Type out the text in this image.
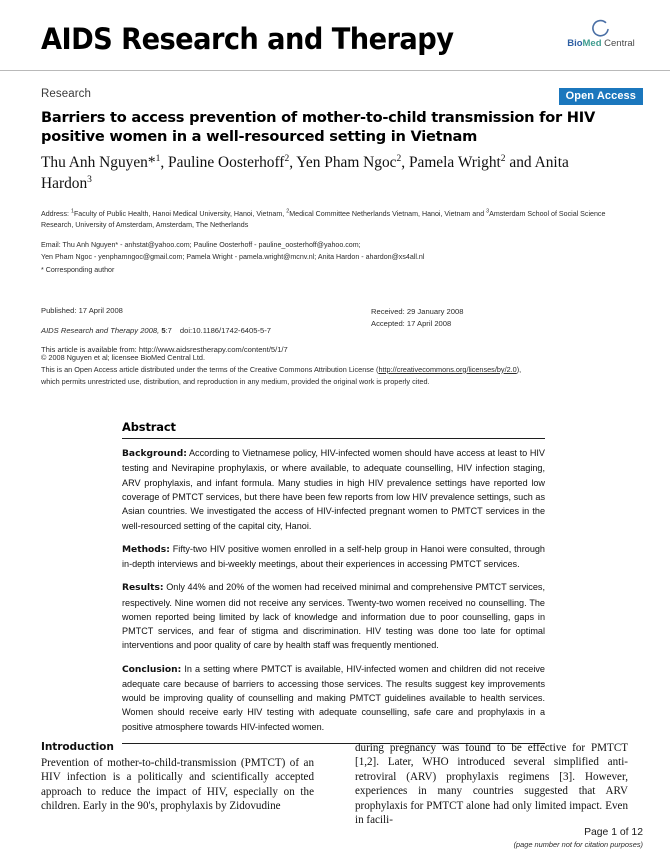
AIDS Research and Therapy	BioMed Central
Research	Open Access
Barriers to access prevention of mother-to-child transmission for HIV positive women in a well-resourced setting in Vietnam
Thu Anh Nguyen*$^1$, Pauline Oosterhoff$^2$, Yen Pham Ngoc$^2$, Pamela Wright$^2$ and Anita Hardon$^3$
Address: $^1$Faculty of Public Health, Hanoi Medical University, Hanoi, Vietnam, $^2$Medical Committee Netherlands Vietnam, Hanoi, Vietnam and $^3$Amsterdam School of Social Science Research, University of Amsterdam, Amsterdam, The Netherlands
Email: Thu Anh Nguyen* - anhstat@yahoo.com; Pauline Oosterhoff - pauline_oosterhoff@yahoo.com;
Yen Pham Ngoc - yenphamngoc@gmail.com; Pamela Wright - pamela.wright@mcnv.nl; Anita Hardon - ahardon@xs4all.nl
* Corresponding author
Published: 17 April 2008
AIDS Research and Therapy 2008, 5:7 doi:10.1186/1742-6405-5-7
This article is available from: http://www.aidsrestherapy.com/content/5/1/7
Received: 29 January 2008
Accepted: 17 April 2008
© 2008 Nguyen et al; licensee BioMed Central Ltd.
This is an Open Access article distributed under the terms of the Creative Commons Attribution License (http://creativecommons.org/licenses/by/2.0),
which permits unrestricted use, distribution, and reproduction in any medium, provided the original work is properly cited.
Abstract
Background: According to Vietnamese policy, HIV-infected women should have access at least to HIV testing and Nevirapine prophylaxis, or where available, to adequate counselling, HIV infection staging, ARV prophylaxis, and infant formula. Many studies in high HIV prevalence settings have reported low coverage of PMTCT services, but there have been few reports from low HIV prevalence settings, such as Asian countries. We investigated the access of HIV-infected pregnant women to PMTCT services in the well-resourced setting of the capital city, Hanoi.
Methods: Fifty-two HIV positive women enrolled in a self-help group in Hanoi were consulted, through in-depth interviews and bi-weekly meetings, about their experiences in accessing PMTCT services.
Results: Only 44% and 20% of the women had received minimal and comprehensive PMTCT services, respectively. Nine women did not receive any services. Twenty-two women received no counselling. The women reported being limited by lack of knowledge and information due to poor counselling, gaps in PMTCT services, and fear of stigma and discrimination. HIV testing was done too late for optimal interventions and poor quality of care by health staff was frequently mentioned.
Conclusion: In a setting where PMTCT is available, HIV-infected women and children did not receive adequate care because of barriers to accessing those services. The results suggest key improvements would be improving quality of counselling and making PMTCT guidelines available to health services. Women should receive early HIV testing with adequate counselling, safe care and prophylaxis in a positive atmosphere towards HIV-infected women.
Introduction
Prevention of mother-to-child-transmission (PMTCT) of an HIV infection is a politically and scientifically accepted approach to reduce the impact of HIV, especially on the children. Early in the 90's, prophylaxis by Zidovudine
during pregnancy was found to be effective for PMTCT [1,2]. Later, WHO introduced several simplified anti-retroviral (ARV) prophylaxis regimens [3]. However, experiences in many countries suggested that ARV prophylaxis for PMTCT alone had only limited impact. Even in facili-
Page 1 of 12
(page number not for citation purposes)
